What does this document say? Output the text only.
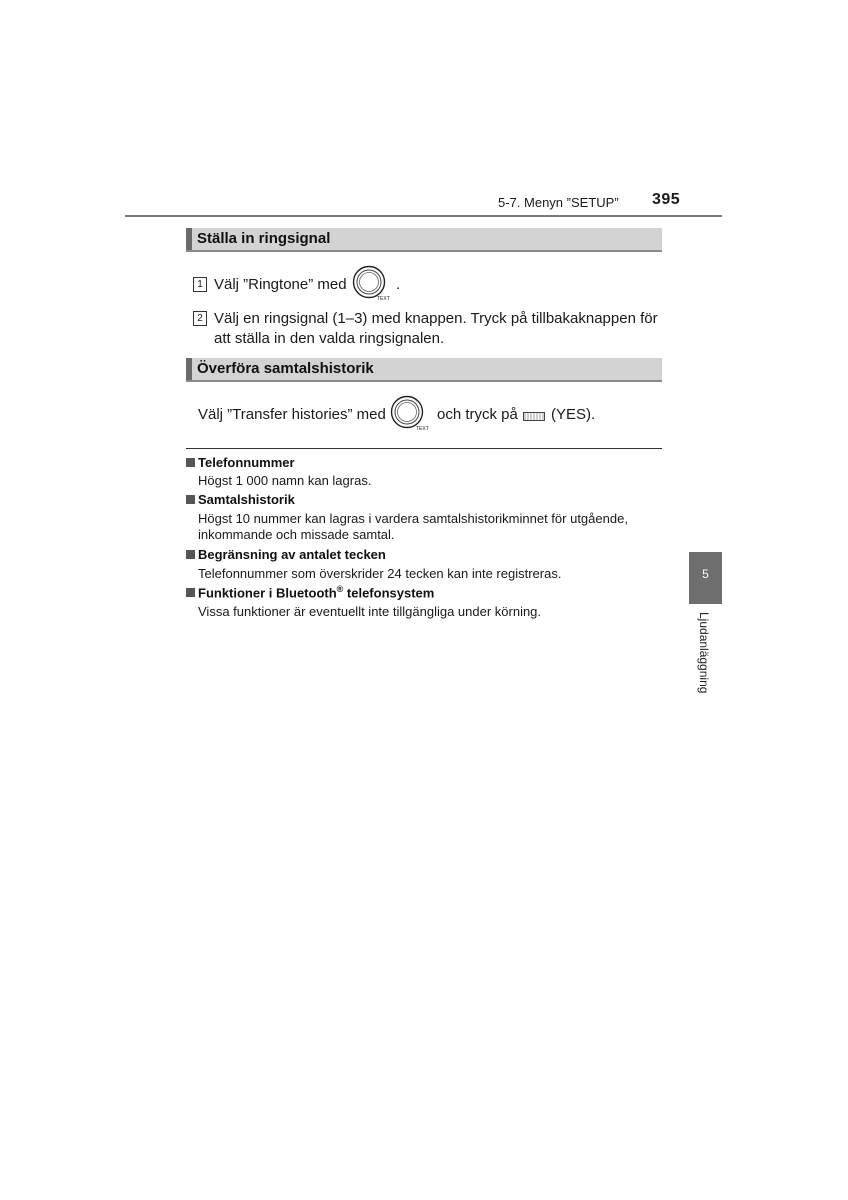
5-7. Menyn ”SETUP” 395
Ställa in ringsignal
1 Välj ”Ringtone” med
TEXT
.
2 Välj en ringsignal (1–3) med knappen. Tryck på tillbakaknappen för
att ställa in den valda ringsignalen.
Överföra samtalshistorik
Välj ”Transfer histories” med
TEXT
och tryck på (YES).
Telefonnummer
Högst 1 000 namn kan lagras.
Samtalshistorik
Högst 10 nummer kan lagras i vardera samtalshistorikminnet för utgående,
inkommande och missade samtal.
Begränsning av antalet tecken
Telefonnummer som överskrider 24 tecken kan inte registreras.
Funktioner i Bluetooth® telefonsystem
Vissa funktioner är eventuellt inte tillgängliga under körning.
5
Ljudanläggning
